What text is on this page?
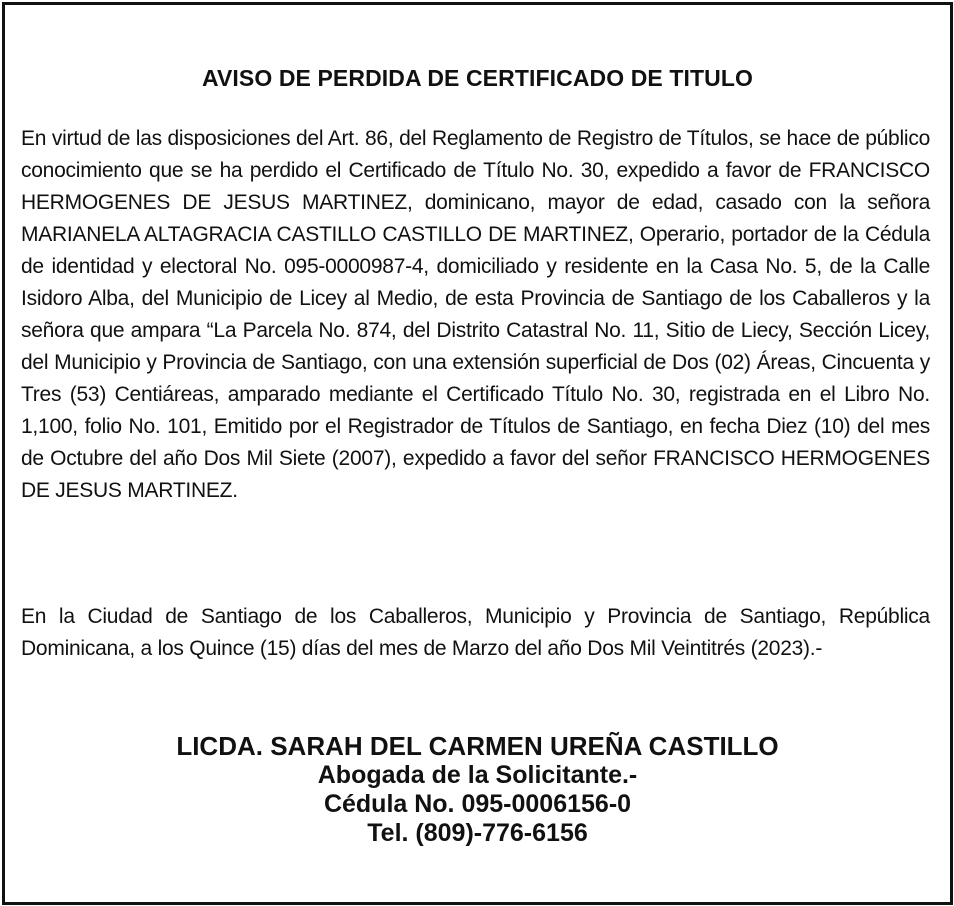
AVISO DE PERDIDA DE CERTIFICADO DE TITULO

En virtud de las disposiciones del Art. 86, del Reglamento de Registro de Títulos, se hace de público conocimiento que se ha perdido el Certificado de Título No. 30, expedido a favor de FRANCISCO HERMOGENES DE JESUS MARTINEZ, dominicano, mayor de edad, casado con la señora MARIANELA ALTAGRACIA CASTILLO CASTILLO DE MARTINEZ, Operario, portador de la Cédula de identidad y electoral No. 095-0000987-4, domiciliado y residente en la Casa No. 5, de la Calle Isidoro Alba, del Municipio de Licey al Medio, de esta Provincia de Santiago de los Caballeros y la señora que ampara “La Parcela No. 874, del Distrito Catastral No. 11, Sitio de Liecy, Sección Licey, del Municipio y Provincia de Santiago, con una extensión superficial de Dos (02) Áreas, Cincuenta y Tres (53) Centiáreas, amparado mediante el Certificado Título No. 30, registrada en el Libro No. 1,100, folio No. 101, Emitido por el Registrador de Títulos de Santiago, en fecha Diez (10) del mes de Octubre del año Dos Mil Siete (2007), expedido a favor del señor FRANCISCO HERMOGENES DE JESUS MARTINEZ.

En la Ciudad de Santiago de los Caballeros, Municipio y Provincia de Santiago, República Dominicana, a los Quince (15) días del mes de Marzo del año Dos Mil Veintitrés (2023).-

LICDA. SARAH DEL CARMEN UREÑA CASTILLO
Abogada de la Solicitante.-
Cédula No. 095-0006156-0
Tel. (809)-776-6156
